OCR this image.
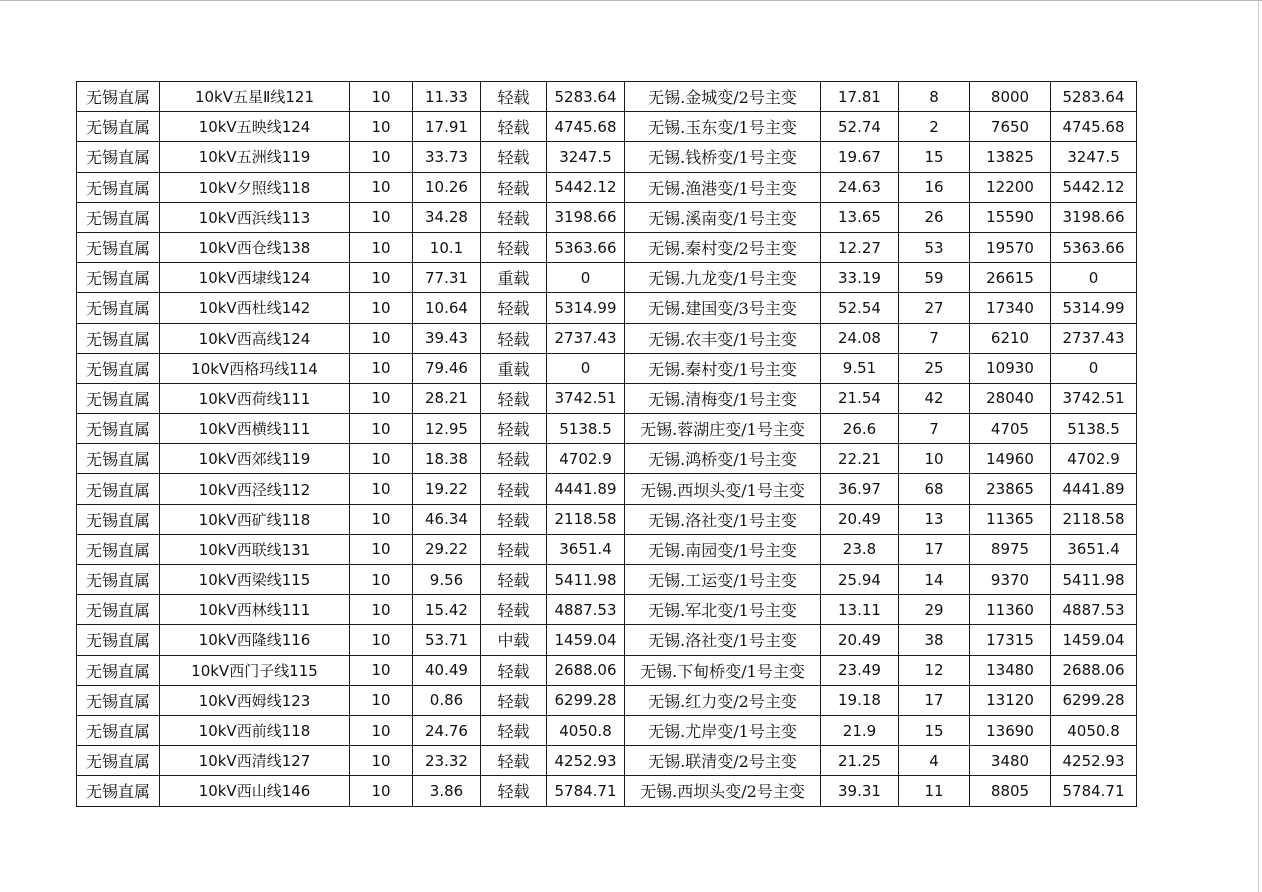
无锡直属	10kV五星Ⅱ线121	10	11.33	轻载	5283.64	无锡.金城变/2号主变	17.81	8	8000	5283.64
无锡直属	10kV五映线124	10	17.91	轻载	4745.68	无锡.玉东变/1号主变	52.74	2	7650	4745.68
无锡直属	10kV五洲线119	10	33.73	轻载	3247.5	无锡.钱桥变/1号主变	19.67	15	13825	3247.5
无锡直属	10kV夕照线118	10	10.26	轻载	5442.12	无锡.渔港变/1号主变	24.63	16	12200	5442.12
无锡直属	10kV西浜线113	10	34.28	轻载	3198.66	无锡.溪南变/1号主变	13.65	26	15590	3198.66
无锡直属	10kV西仓线138	10	10.1	轻载	5363.66	无锡.秦村变/2号主变	12.27	53	19570	5363.66
无锡直属	10kV西埭线124	10	77.31	重载	0	无锡.九龙变/1号主变	33.19	59	26615	0
无锡直属	10kV西杜线142	10	10.64	轻载	5314.99	无锡.建国变/3号主变	52.54	27	17340	5314.99
无锡直属	10kV西高线124	10	39.43	轻载	2737.43	无锡.农丰变/1号主变	24.08	7	6210	2737.43
无锡直属	10kV西格玛线114	10	79.46	重载	0	无锡.秦村变/1号主变	9.51	25	10930	0
无锡直属	10kV西荷线111	10	28.21	轻载	3742.51	无锡.清梅变/1号主变	21.54	42	28040	3742.51
无锡直属	10kV西横线111	10	12.95	轻载	5138.5	无锡.蓉湖庄变/1号主变	26.6	7	4705	5138.5
无锡直属	10kV西郊线119	10	18.38	轻载	4702.9	无锡.鸿桥变/1号主变	22.21	10	14960	4702.9
无锡直属	10kV西泾线112	10	19.22	轻载	4441.89	无锡.西坝头变/1号主变	36.97	68	23865	4441.89
无锡直属	10kV西矿线118	10	46.34	轻载	2118.58	无锡.洛社变/1号主变	20.49	13	11365	2118.58
无锡直属	10kV西联线131	10	29.22	轻载	3651.4	无锡.南园变/1号主变	23.8	17	8975	3651.4
无锡直属	10kV西梁线115	10	9.56	轻载	5411.98	无锡.工运变/1号主变	25.94	14	9370	5411.98
无锡直属	10kV西林线111	10	15.42	轻载	4887.53	无锡.军北变/1号主变	13.11	29	11360	4887.53
无锡直属	10kV西隆线116	10	53.71	中载	1459.04	无锡.洛社变/1号主变	20.49	38	17315	1459.04
无锡直属	10kV西门子线115	10	40.49	轻载	2688.06	无锡.下甸桥变/1号主变	23.49	12	13480	2688.06
无锡直属	10kV西姆线123	10	0.86	轻载	6299.28	无锡.红力变/2号主变	19.18	17	13120	6299.28
无锡直属	10kV西前线118	10	24.76	轻载	4050.8	无锡.尤岸变/1号主变	21.9	15	13690	4050.8
无锡直属	10kV西清线127	10	23.32	轻载	4252.93	无锡.联清变/2号主变	21.25	4	3480	4252.93
无锡直属	10kV西山线146	10	3.86	轻载	5784.71	无锡.西坝头变/2号主变	39.31	11	8805	5784.71
